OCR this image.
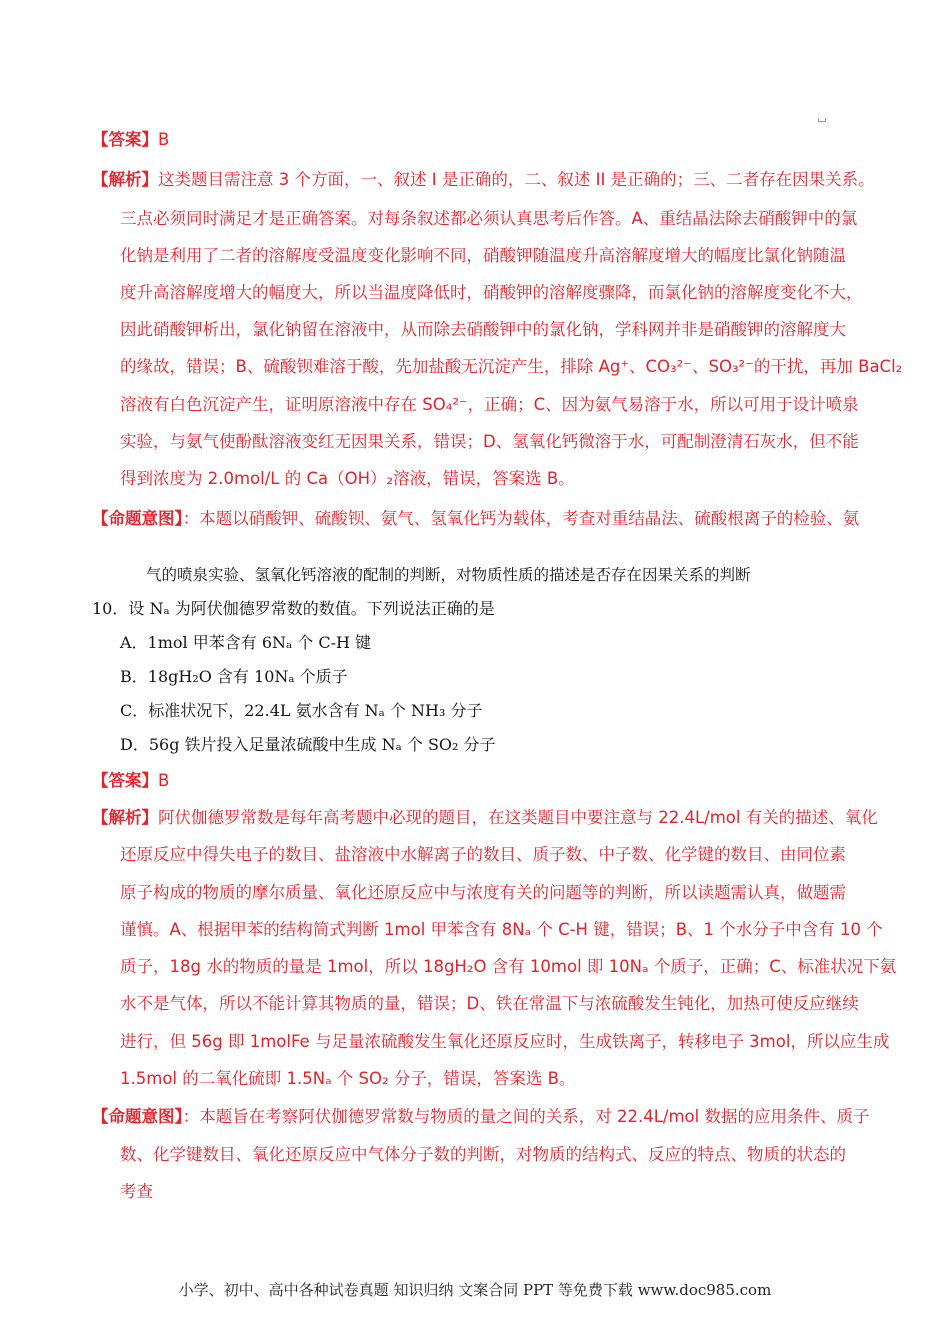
【答案】B
【解析】这类题目需注意 3 个方面，一、叙述 I 是正确的，二、叙述 II 是正确的；三、二者存在因果关系。
三点必须同时满足才是正确答案。对每条叙述都必须认真思考后作答。A、重结晶法除去硝酸钾中的氯
化钠是利用了二者的溶解度受温度变化影响不同，硝酸钾随温度升高溶解度增大的幅度比氯化钠随温
度升高溶解度增大的幅度大，所以当温度降低时，硝酸钾的溶解度骤降，而氯化钠的溶解度变化不大，
因此硝酸钾析出，氯化钠留在溶液中，从而除去硝酸钾中的氯化钠，学科网并非是硝酸钾的溶解度大
的缘故，错误；B、硫酸钡难溶于酸，先加盐酸无沉淀产生，排除 Ag⁺、CO₃²⁻、SO₃²⁻的干扰，再加 BaCl₂
溶液有白色沉淀产生，证明原溶液中存在 SO₄²⁻，正确；C、因为氨气易溶于水，所以可用于设计喷泉
实验，与氨气使酚酞溶液变红无因果关系，错误；D、氢氧化钙微溶于水，可配制澄清石灰水，但不能
得到浓度为 2.0mol/L 的 Ca（OH）₂溶液，错误，答案选 B。
【命题意图】：本题以硝酸钾、硫酸钡、氨气、氢氧化钙为载体，考查对重结晶法、硫酸根离子的检验、氨
气的喷泉实验、氢氧化钙溶液的配制的判断，对物质性质的描述是否存在因果关系的判断
10．设 Nₐ 为阿伏伽德罗常数的数值。下列说法正确的是
A．1mol 甲苯含有 6Nₐ 个 C-H 键
B．18gH₂O 含有 10Nₐ 个质子
C．标准状况下，22.4L 氨水含有 Nₐ 个 NH₃ 分子
D．56g 铁片投入足量浓硫酸中生成 Nₐ 个 SO₂ 分子
【答案】B
【解析】阿伏伽德罗常数是每年高考题中必现的题目，在这类题目中要注意与 22.4L/mol 有关的描述、氧化
还原反应中得失电子的数目、盐溶液中水解离子的数目、质子数、中子数、化学键的数目、由同位素
原子构成的物质的摩尔质量、氧化还原反应中与浓度有关的问题等的判断，所以读题需认真，做题需
谨慎。A、根据甲苯的结构简式判断 1mol 甲苯含有 8Nₐ 个 C-H 键，错误；B、1 个水分子中含有 10 个
质子，18g 水的物质的量是 1mol，所以 18gH₂O 含有 10mol 即 10Nₐ 个质子，正确；C、标准状况下氨
水不是气体，所以不能计算其物质的量，错误；D、铁在常温下与浓硫酸发生钝化，加热可使反应继续
进行，但 56g 即 1molFe 与足量浓硫酸发生氧化还原反应时，生成铁离子，转移电子 3mol，所以应生成
1.5mol 的二氧化硫即 1.5Nₐ 个 SO₂ 分子，错误，答案选 B。
【命题意图】：本题旨在考察阿伏伽德罗常数与物质的量之间的关系，对 22.4L/mol 数据的应用条件、质子
数、化学键数目、氧化还原反应中气体分子数的判断，对物质的结构式、反应的特点、物质的状态的
考查
小学、初中、高中各种试卷真题 知识归纳 文案合同 PPT 等免费下载 www.doc985.com
